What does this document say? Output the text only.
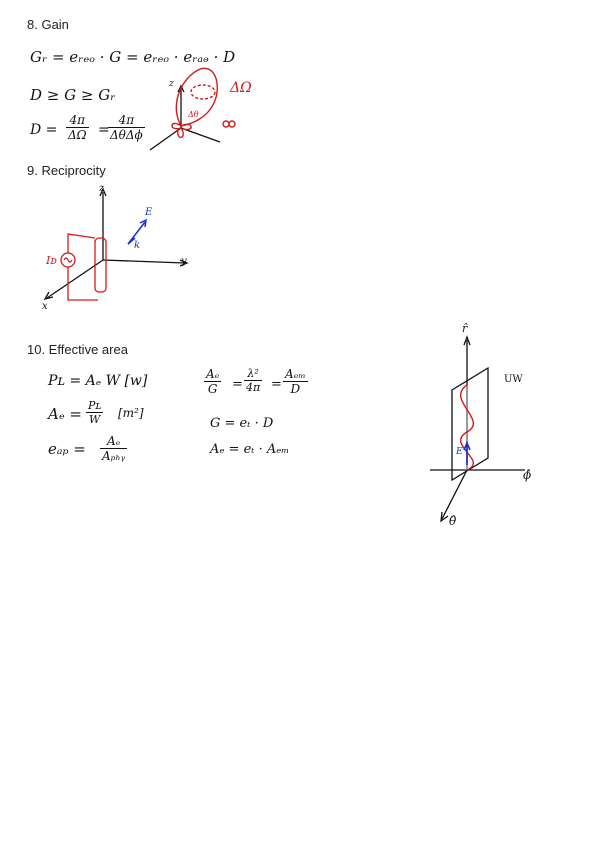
8. Gain
Gᵣ = eᵣₑₒ · G = eᵣₑₒ · eᵣₐₔ · D
D ≥ G ≥ Gᵣ
$D = \frac{4\pi}{\Delta\Omega}$ =
4π
ΔθΔϕ
z	ΔΩ
Δθ
9. Reciprocity
z
y
x
Iᴅ
E
k
10. Effective area
Pʟ = Aₑ W [w]
$A_e = \frac{\text{Pʟ}}{W} [m^2]$
eₐₚ =	Aₑ
Aₚₕᵧ
$\frac{\text{Aₑ}}{G} = \frac{\text{λ²}}{4\pi}$ =
Aₑₘ
D
G = eₜ · D
Aₑ = eₜ · Aₑₘ
r̂
UW
ϕ̂
θ̂
E
